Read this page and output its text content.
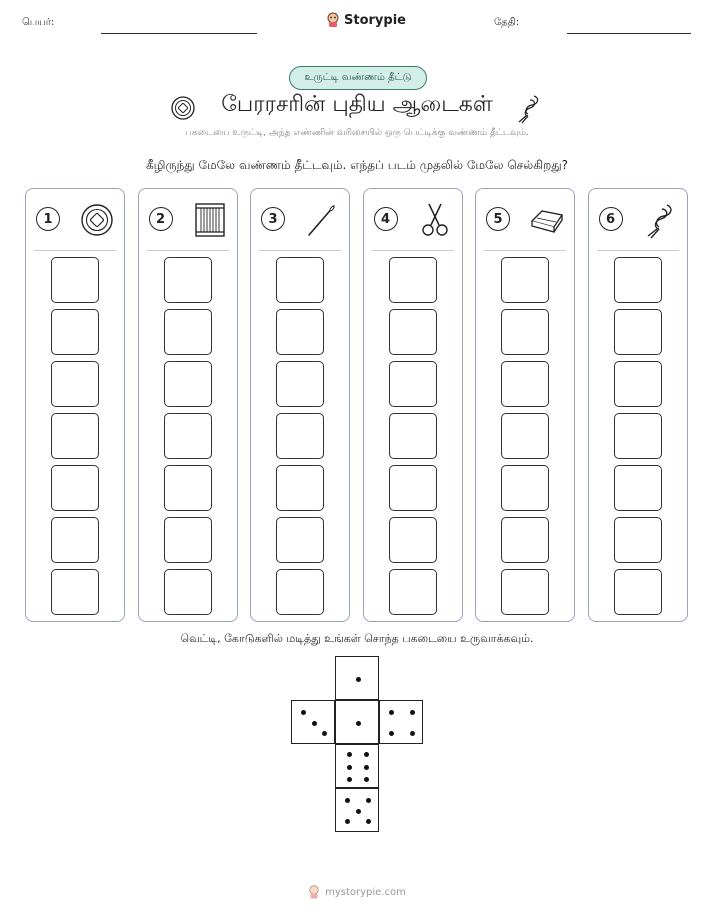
பெயர்:	Storypie	தேதி:
உருட்டி வண்ணம் தீட்டு
பேரரசரின் புதிய ஆடைகள்
பகடையை உருட்டி, அந்த எண்ணின் வரிசையில் ஒரு பெட்டிக்கு வண்ணம் தீட்டவும்.
கீழிருந்து மேலே வண்ணம் தீட்டவும். எந்தப் படம் முதலில் மேலே செல்கிறது?
1	2	3	4	5	6
வெட்டி, கோடுகளில் மடித்து உங்கள் சொந்த பகடையை உருவாக்கவும்.
mystorypie.com
